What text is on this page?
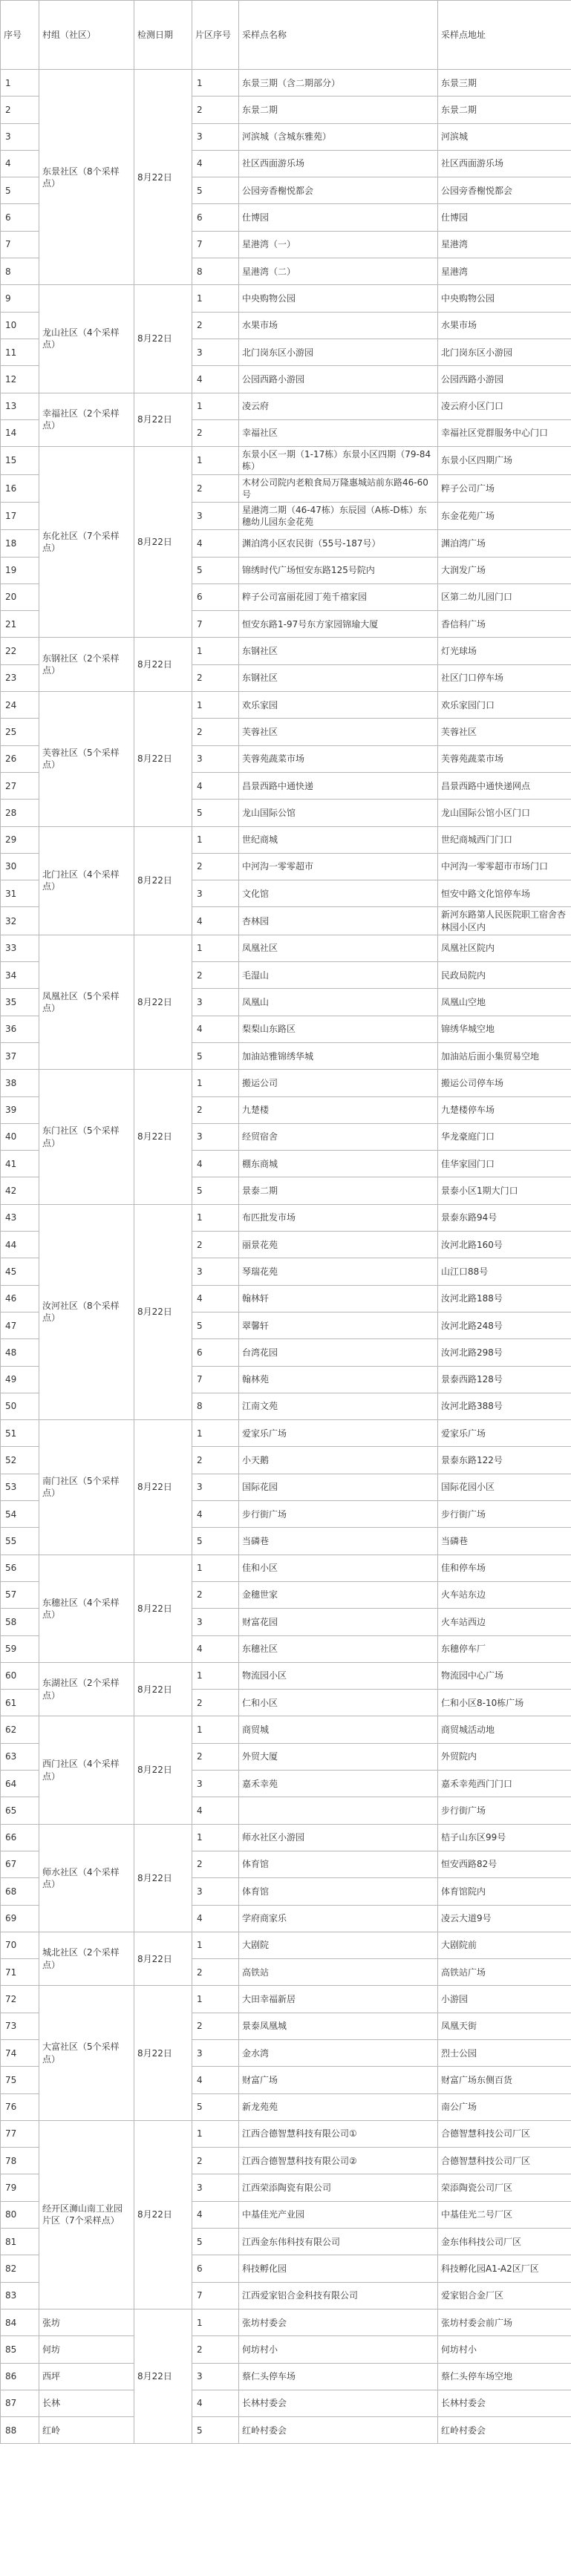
序号	村组（社区）	检测日期	片区序号	采样点名称	采样点地址
1	东景社区（8个采样点）	8月22日	1	东景三期（含二期部分）	东景三期
2			2	东景二期	东景二期
3			3	河滨城（含城东雅苑）	河滨城
4			4	社区西面游乐场	社区西面游乐场
5			5	公园旁香榭悦都会	公园旁香榭悦都会
6			6	仕博园	仕博园
7			7	星港湾（一）	星港湾
8			8	星港湾（二）	星港湾
9	龙山社区（4个采样点）	8月22日	1	中央购物公园	中央购物公园
10			2	水果市场	水果市场
11			3	北门岗东区小游园	北门岗东区小游园
12			4	公园西路小游园	公园西路小游园
13	幸福社区（2个采样点）	8月22日	1	凌云府	凌云府小区门口
14			2	幸福社区	幸福社区党群服务中心门口
15	东化社区（7个采样点）	8月22日	1	东景小区一期（1-17栋）东景小区四期（79-84栋）	东景小区四期广场
16			2	木材公司院内老粮食局万隆惠城站前东路46-60号	粹子公司广场
17			3	星港湾二期（46-47栋）东辰园（A栋-D栋）东穗幼儿园东金花苑	东金花苑广场
18			4	渊泊湾小区农民街（55号-187号）	渊泊湾广场
19			5	锦绣时代广场恒安东路125号院内	大润发广场
20			6	粹子公司富丽花园丁苑千禧家园	区第二幼儿园门口
21			7	恒安东路1-97号东方家园锦瑜大厦	香信科广场
22	东钢社区（2个采样点）	8月22日	1	东钢社区	灯光球场
23			2	东钢社区	社区门口停车场
24	芙蓉社区（5个采样点）	8月22日	1	欢乐家园	欢乐家园门口
25			2	芙蓉社区	芙蓉社区
26			3	芙蓉苑蔬菜市场	芙蓉苑蔬菜市场
27			4	昌景西路中通快递	昌景西路中通快递网点
28			5	龙山国际公馆	龙山国际公馆小区门口
29	北门社区（4个采样点）	8月22日	1	世纪商城	世纪商城西门门口
30			2	中河沟一零零超市	中河沟一零零超市市场门口
31			3	文化馆	恒安中路文化馆停车场
32			4	杏林园	新河东路第人民医院职工宿舍杏林园小区内
33	凤凰社区（5个采样点）	8月22日	1	凤凰社区	凤凰社区院内
34			2	毛湿山	民政局院内
35			3	凤凰山	凤凰山空地
36			4	梨梨山东路区	锦绣华城空地
37			5	加油站雅锦绣华城	加油站后面小集贸易空地
38	东门社区（5个采样点）	8月22日	1	搬运公司	搬运公司停车场
39			2	九楚楼	九楚楼停车场
40			3	经贸宿舍	华龙豪庭门口
41			4	棚东商城	佳华家园门口
42			5	景泰二期	景泰小区1期大门口
43	汝河社区（8个采样点）	8月22日	1	布匹批发市场	景泰东路94号
44			2	丽景花苑	汝河北路160号
45			3	琴瑞花苑	山江口88号
46			4	翰林轩	汝河北路188号
47			5	翠馨轩	汝河北路248号
48			6	台湾花园	汝河北路298号
49			7	翰林苑	景泰西路128号
50			8	江南文苑	汝河北路388号
51	南门社区（5个采样点）	8月22日	1	爱家乐广场	爱家乐广场
52			2	小天鹅	景泰东路122号
53			3	国际花园	国际花园小区
54			4	步行街广场	步行街广场
55			5	当磷巷	当磷巷
56	东穗社区（4个采样点）	8月22日	1	佳和小区	佳和停车场
57			2	金穗世家	火车站东边
58			3	财富花园	火车站西边
59			4	东穗社区	东穗停车厂
60	东湖社区（2个采样点）	8月22日	1	物流园小区	物流园中心广场
61			2	仁和小区	仁和小区8-10栋广场
62	西门社区（4个采样点）	8月22日	1	商贸城	商贸城活动地
63			2	外贸大厦	外贸院内
64			3	嘉禾幸苑	嘉禾幸苑西门门口
65			4		步行街广场
66	师水社区（4个采样点）	8月22日	1	师水社区小游园	桔子山东区99号
67			2	体育馆	恒安西路82号
68			3	体育馆	体育馆院内
69			4	学府商家乐	凌云大道9号
70	城北社区（2个采样点）	8月22日	1	大剧院	大剧院前
71			2	高铁站	高铁站广场
72	大富社区（5个采样点）	8月22日	1	大田幸福新居	小游园
73			2	景泰凤凰城	凤凰天街
74			3	金水湾	烈士公园
75			4	财富广场	财富广场东侧百货
76			5	新龙苑苑	南公广场
77	经开区浉山南工业园片区（7个采样点）	8月22日	1	江西合德智慧科技有限公司①	合德智慧科技公司厂区
78			2	江西合德智慧科技有限公司②	合德智慧科技公司厂区
79			3	江西荣添陶瓷有限公司	荣添陶瓷公司厂区
80			4	中基佳光产业园	中基佳光二号厂区
81			5	江西金东伟科技有限公司	金东伟科技公司厂区
82			6	科技孵化园	科技孵化园A1-A2区厂区
83			7	江西爱家铝合金科技有限公司	爱家铝合金厂区
84	张坊	8月22日	1	张坊村委会	张坊村委会前广场
85	何坊		2	何坊村小	何坊村小
86	西坪		3	蔡仁头停车场	蔡仁头停车场空地
87	长林		4	长林村委会	长林村委会
88	红岭		5	红岭村委会	红岭村委会
